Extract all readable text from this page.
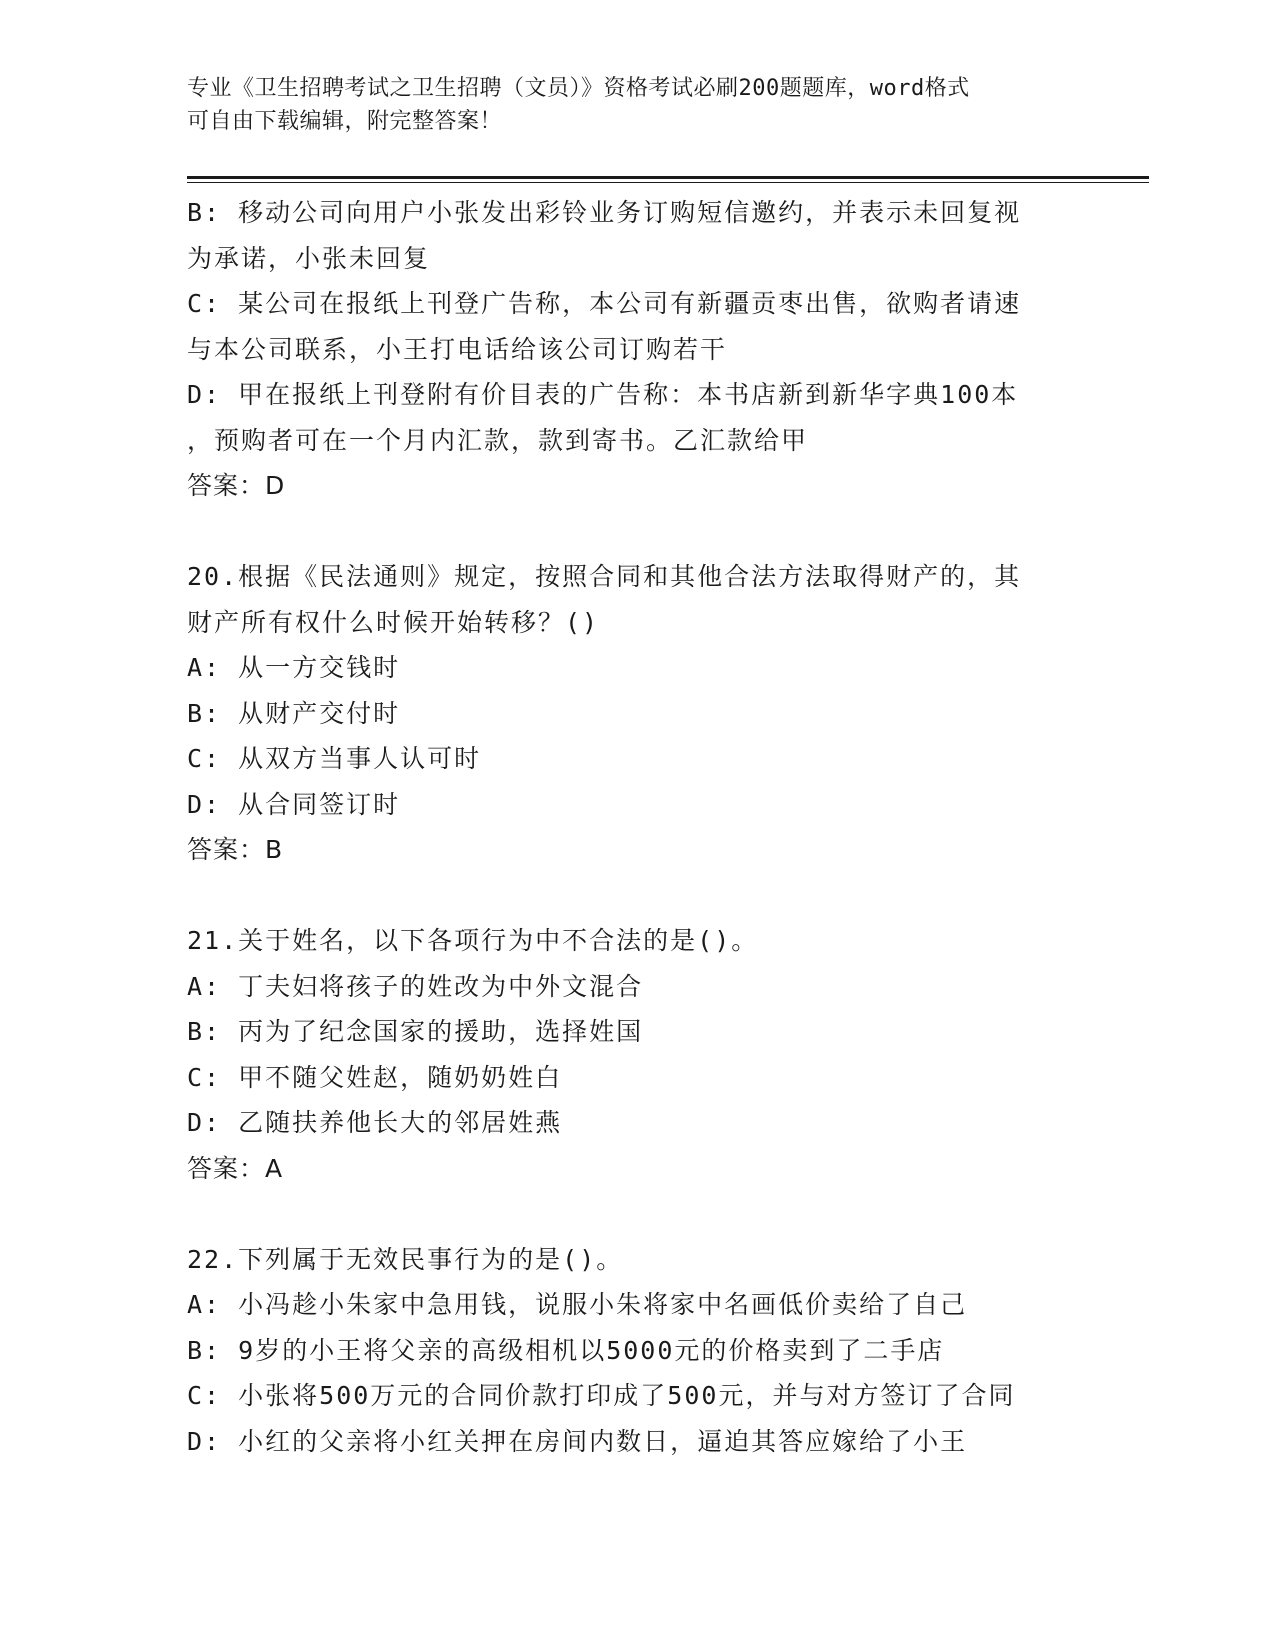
专业《卫生招聘考试之卫生招聘（文员）》资格考试必刷200题题库，word格式
可自由下载编辑，附完整答案！
B: 移动公司向用户小张发出彩铃业务订购短信邀约，并表示未回复视
为承诺，小张未回复
C: 某公司在报纸上刊登广告称，本公司有新疆贡枣出售，欲购者请速
与本公司联系，小王打电话给该公司订购若干
D: 甲在报纸上刊登附有价目表的广告称：本书店新到新华字典100本
，预购者可在一个月内汇款，款到寄书。乙汇款给甲
答案：D
20.根据《民法通则》规定，按照合同和其他合法方法取得财产的，其
财产所有权什么时候开始转移？()
A: 从一方交钱时
B: 从财产交付时
C: 从双方当事人认可时
D: 从合同签订时
答案：B
21.关于姓名，以下各项行为中不合法的是()。
A: 丁夫妇将孩子的姓改为中外文混合
B: 丙为了纪念国家的援助，选择姓国
C: 甲不随父姓赵，随奶奶姓白
D: 乙随扶养他长大的邻居姓燕
答案：A
22.下列属于无效民事行为的是()。
A: 小冯趁小朱家中急用钱，说服小朱将家中名画低价卖给了自己
B: 9岁的小王将父亲的高级相机以5000元的价格卖到了二手店
C: 小张将500万元的合同价款打印成了500元，并与对方签订了合同
D: 小红的父亲将小红关押在房间内数日，逼迫其答应嫁给了小王
